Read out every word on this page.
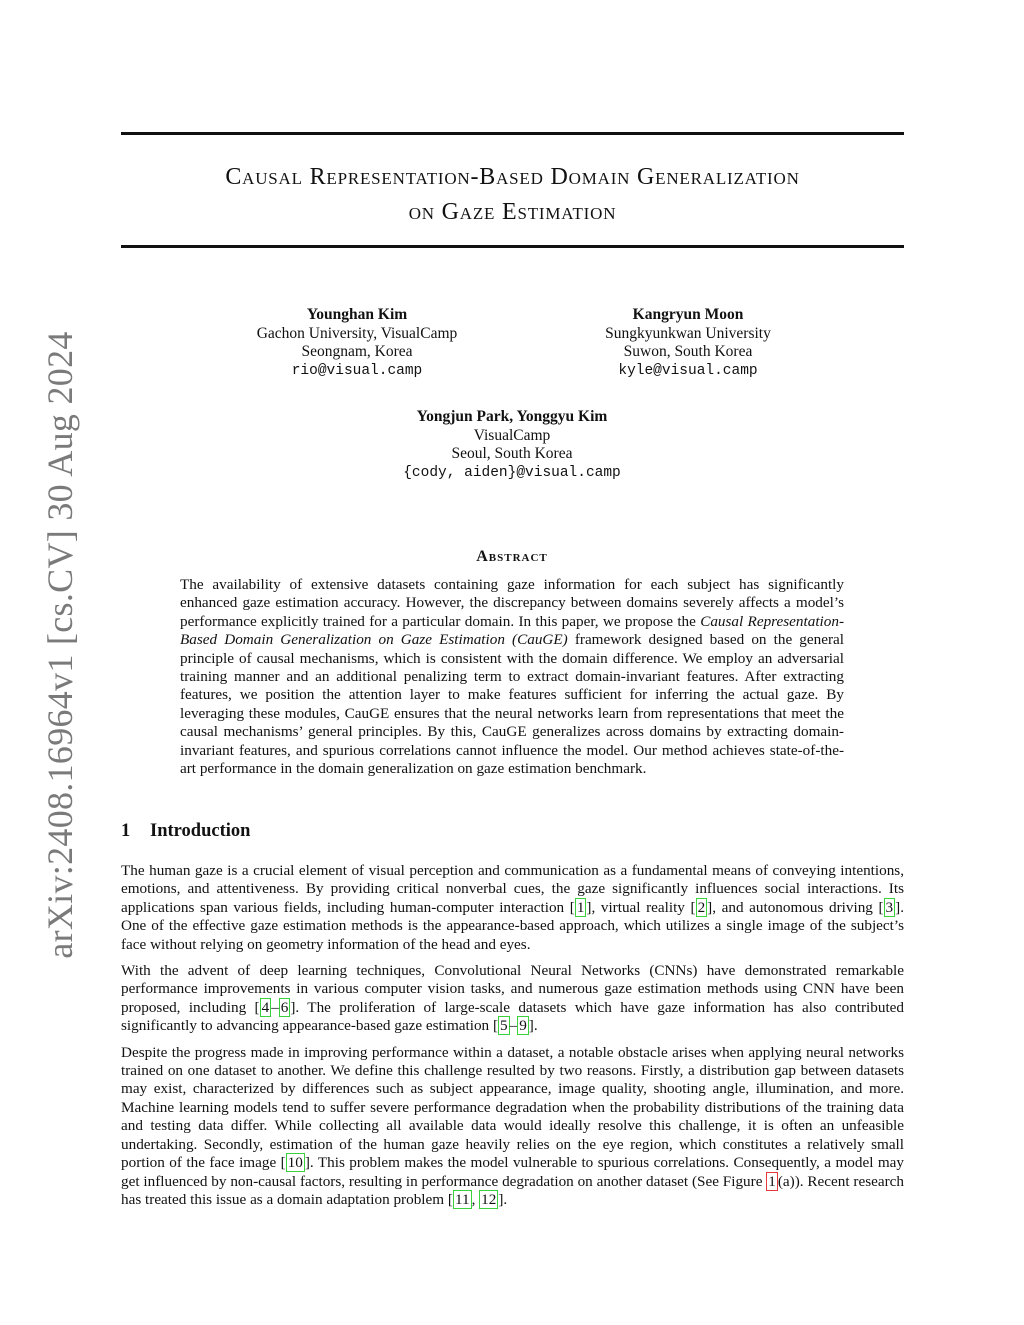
arXiv:2408.16964v1 [cs.CV] 30 Aug 2024
Causal Representation-Based Domain Generalization
on Gaze Estimation
Younghan Kim
Gachon University, VisualCamp
Seongnam, Korea
rio@visual.camp
Kangryun Moon
Sungkyunkwan University
Suwon, South Korea
kyle@visual.camp
Yongjun Park, Yonggyu Kim
VisualCamp
Seoul, South Korea
{cody, aiden}@visual.camp
Abstract
The availability of extensive datasets containing gaze information for each subject has significantly enhanced gaze estimation accuracy. However, the discrepancy between domains severely affects a model’s performance explicitly trained for a particular domain. In this paper, we propose the Causal Representation-Based Domain Generalization on Gaze Estimation (CauGE) framework designed based on the general principle of causal mechanisms, which is consistent with the domain difference. We employ an adversarial training manner and an additional penalizing term to extract domain-invariant features. After extracting features, we position the attention layer to make features sufficient for inferring the actual gaze. By leveraging these modules, CauGE ensures that the neural networks learn from representations that meet the causal mechanisms’ general principles. By this, CauGE generalizes across domains by extracting domain-invariant features, and spurious correlations cannot influence the model. Our method achieves state-of-the-art performance in the domain generalization on gaze estimation benchmark.
1 Introduction

The human gaze is a crucial element of visual perception and communication as a fundamental means of conveying intentions, emotions, and attentiveness. By providing critical nonverbal cues, the gaze significantly influences social interactions. Its applications span various fields, including human-computer interaction [ 1 ], virtual reality [ 2 ], and autonomous driving [ 3 ]. One of the effective gaze estimation methods is the appearance-based approach, which utilizes a single image of the subject’s face without relying on geometry information of the head and eyes.

With the advent of deep learning techniques, Convolutional Neural Networks (CNNs) have demonstrated remarkable performance improvements in various computer vision tasks, and numerous gaze estimation methods using CNN have been proposed, including [ 4 – 6 ]. The proliferation of large-scale datasets which have gaze information has also contributed significantly to advancing appearance-based gaze estimation [ 5 – 9 ].

Despite the progress made in improving performance within a dataset, a notable obstacle arises when applying neural networks trained on one dataset to another. We define this challenge resulted by two reasons. Firstly, a distribution gap between datasets may exist, characterized by differences such as subject appearance, image quality, shooting angle, illumination, and more. Machine learning models tend to suffer severe performance degradation when the probability distributions of the training data and testing data differ. While collecting all available data would ideally resolve this challenge, it is often an unfeasible undertaking. Secondly, estimation of the human gaze heavily relies on the eye region, which constitutes a relatively small portion of the face image [ 10 ]. This problem makes the model vulnerable to spurious correlations. Consequently, a model may get influenced by non-causal factors, resulting in performance degradation on another dataset (See Figure 1 (a)). Recent research has treated this issue as a domain adaptation problem [ 11 , 12 ].
